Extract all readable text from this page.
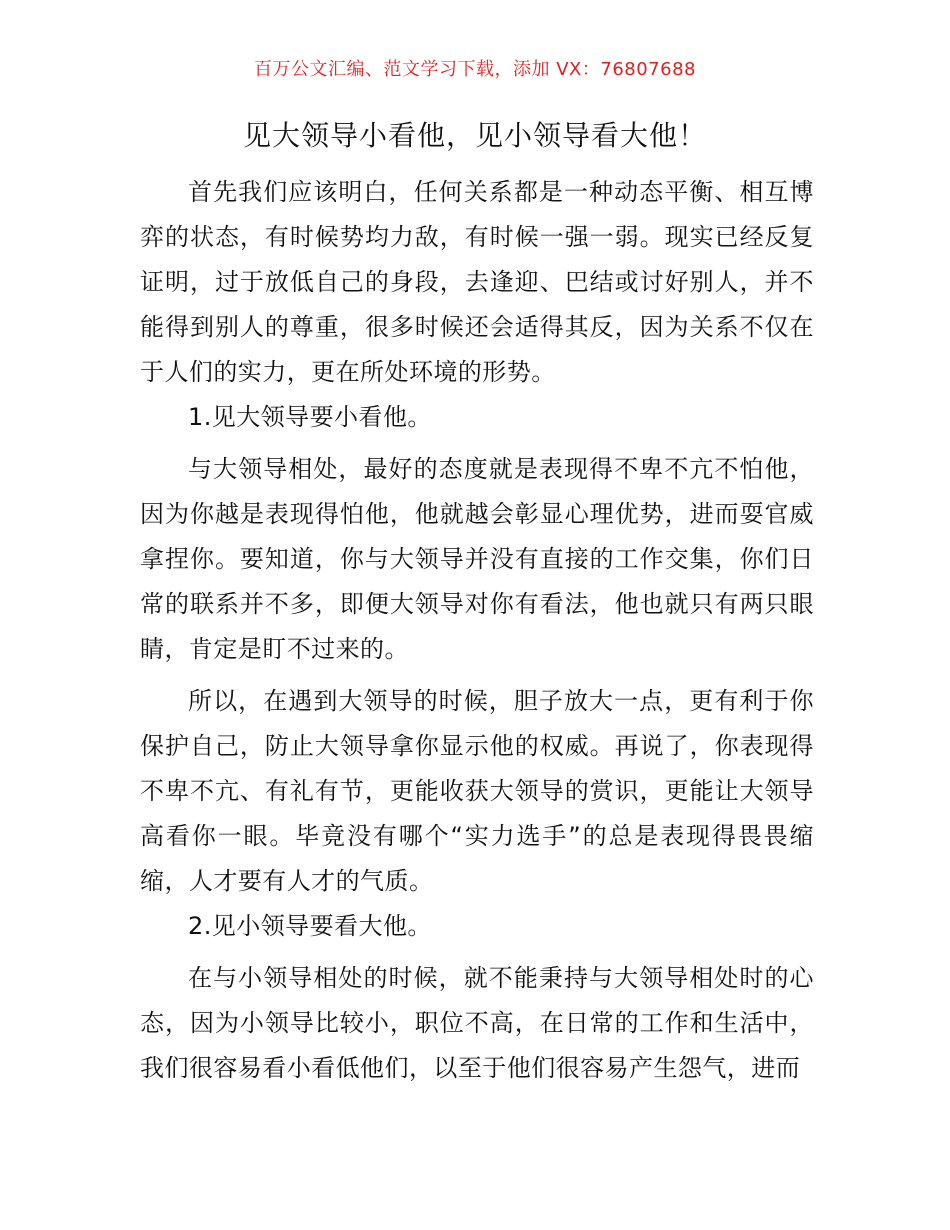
百万公文汇编、范文学习下载，添加 VX：76807688
见大领导小看他，见小领导看大他！

首先我们应该明白，任何关系都是一种动态平衡、相互博弈的状态，有时候势均力敌，有时候一强一弱。现实已经反复证明，过于放低自己的身段，去逢迎、巴结或讨好别人，并不能得到别人的尊重，很多时候还会适得其反，因为关系不仅在于人们的实力，更在所处环境的形势。

1.见大领导要小看他。

与大领导相处，最好的态度就是表现得不卑不亢不怕他，因为你越是表现得怕他，他就越会彰显心理优势，进而耍官威拿捏你。要知道，你与大领导并没有直接的工作交集，你们日常的联系并不多，即便大领导对你有看法，他也就只有两只眼睛，肯定是盯不过来的。

所以，在遇到大领导的时候，胆子放大一点，更有利于你保护自己，防止大领导拿你显示他的权威。再说了，你表现得不卑不亢、有礼有节，更能收获大领导的赏识，更能让大领导高看你一眼。毕竟没有哪个“实力选手”的总是表现得畏畏缩缩，人才要有人才的气质。

2.见小领导要看大他。

在与小领导相处的时候，就不能秉持与大领导相处时的心态，因为小领导比较小，职位不高，在日常的工作和生活中，我们很容易看小看低他们，以至于他们很容易产生怨气，进而
